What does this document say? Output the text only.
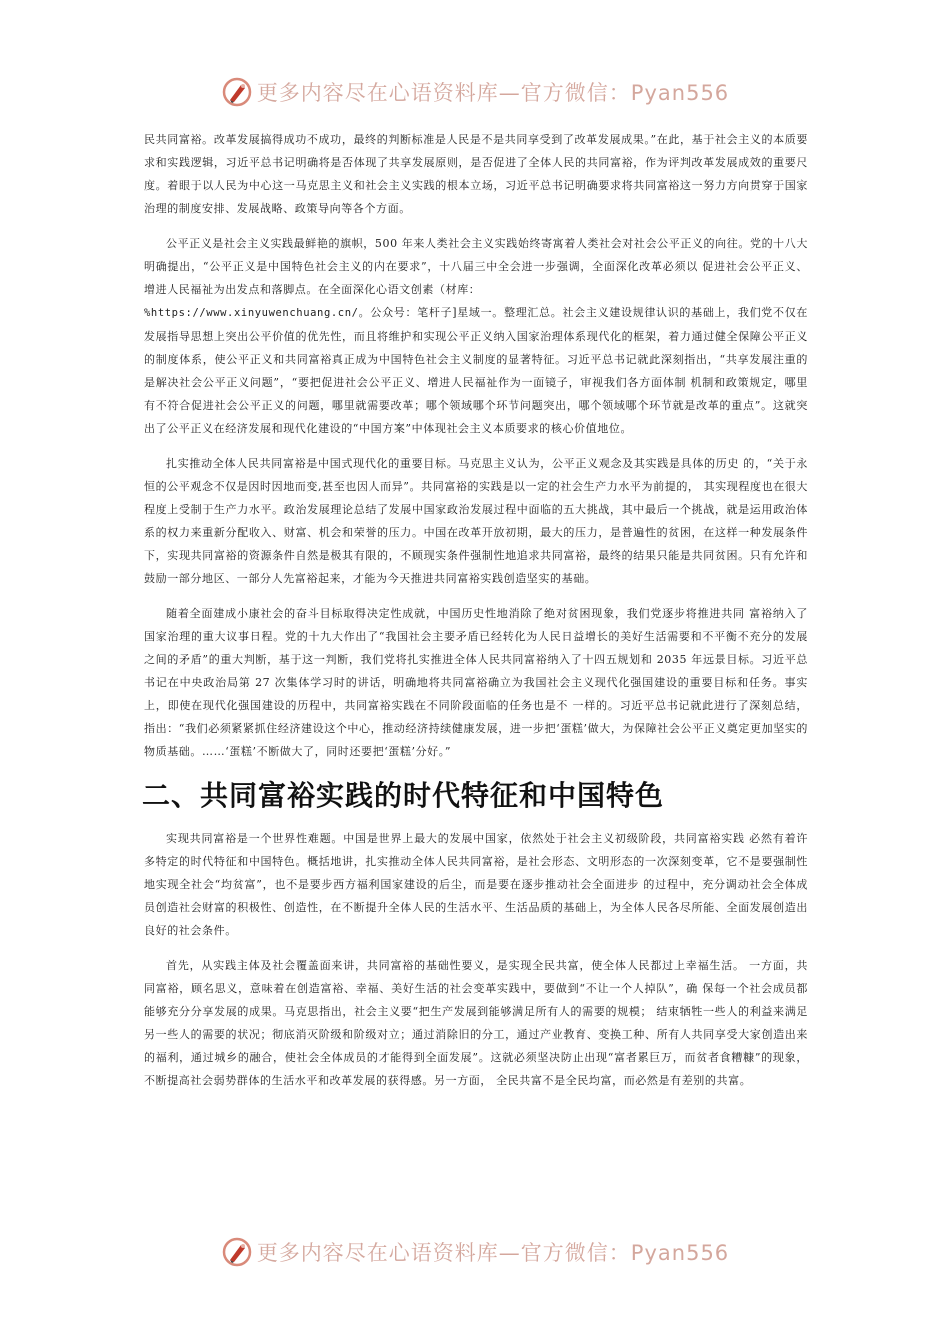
更多内容尽在心语资料库—官方微信：Pyan556

民共同富裕。改革发展搞得成功不成功，最终的判断标准是人民是不是共同享受到了改革发展成果。”在此，基于社会主义的本质要求和实践逻辑，习近平总书记明确将是否体现了共享发展原则，是否促进了全体人民的共同富裕，作为评判改革发展成效的重要尺度。着眼于以人民为中心这一马克思主义和社会主义实践的根本立场，习近平总书记明确要求将共同富裕这一努力方向贯穿于国家治理的制度安排、发展战略、政策导向等各个方面。

公平正义是社会主义实践最鲜艳的旗帜，500 年来人类社会主义实践始终寄寓着人类社会对社会公平正义的向往。党的十八大明确提出，“公平正义是中国特色社会主义的内在要求”，十八届三中全会进一步强调，全面深化改革必须以 促进社会公平正义、增进人民福祉为出发点和落脚点。在全面深化心语文创素（材库：
%https://www.xinyuwenchuang.cn/。公众号：笔杆子]星域一。整理汇总。社会主义建设规律认识的基础上，我们党不仅在发展指导思想上突出公平价值的优先性，而且将维护和实现公平正义纳入国家治理体系现代化的框架，着力通过健全保障公平正义的制度体系，使公平正义和共同富裕真正成为中国特色社会主义制度的显著特征。习近平总书记就此深刻指出，“共享发展注重的是解决社会公平正义问题”，“要把促进社会公平正义、增进人民福祉作为一面镜子，审视我们各方面体制 机制和政策规定，哪里有不符合促进社会公平正义的问题，哪里就需要改革；哪个领域哪个环节问题突出，哪个领域哪个环节就是改革的重点”。这就突出了公平正义在经济发展和现代化建设的“中国方案”中体现社会主义本质要求的核心价值地位。

扎实推动全体人民共同富裕是中国式现代化的重要目标。马克思主义认为，公平正义观念及其实践是具体的历史 的，“关于永恒的公平观念不仅是因时因地而变,甚至也因人而异”。共同富裕的实践是以一定的社会生产力水平为前提的， 其实现程度也在很大程度上受制于生产力水平。政治发展理论总结了发展中国家政治发展过程中面临的五大挑战，其中最后一个挑战，就是运用政治体系的权力来重新分配收入、财富、机会和荣誉的压力。中国在改革开放初期，最大的压力，是普遍性的贫困，在这样一种发展条件下，实现共同富裕的资源条件自然是极其有限的，不顾现实条件强制性地追求共同富裕，最终的结果只能是共同贫困。只有允许和鼓励一部分地区、一部分人先富裕起来，才能为今天推进共同富裕实践创造坚实的基础。

随着全面建成小康社会的奋斗目标取得决定性成就，中国历史性地消除了绝对贫困现象，我们党逐步将推进共同 富裕纳入了国家治理的重大议事日程。党的十九大作出了“我国社会主要矛盾已经转化为人民日益增长的美好生活需要和不平衡不充分的发展之间的矛盾”的重大判断，基于这一判断，我们党将扎实推进全体人民共同富裕纳入了十四五规划和 2035 年远景目标。习近平总书记在中央政治局第 27 次集体学习时的讲话，明确地将共同富裕确立为我国社会主义现代化强国建设的重要目标和任务。事实上，即使在现代化强国建设的历程中，共同富裕实践在不同阶段面临的任务也是不 一样的。习近平总书记就此进行了深刻总结，指出：“我们必须紧紧抓住经济建设这个中心，推动经济持续健康发展，进一步把‘蛋糕’做大，为保障社会公平正义奠定更加坚实的物质基础。……‘蛋糕’不断做大了，同时还要把‘蛋糕’分好。”

二、共同富裕实践的时代特征和中国特色

实现共同富裕是一个世界性难题。中国是世界上最大的发展中国家，依然处于社会主义初级阶段，共同富裕实践 必然有着许多特定的时代特征和中国特色。概括地讲，扎实推动全体人民共同富裕，是社会形态、文明形态的一次深刻变革，它不是要强制性地实现全社会“均贫富”，也不是要步西方福利国家建设的后尘，而是要在逐步推动社会全面进步 的过程中，充分调动社会全体成员创造社会财富的积极性、创造性，在不断提升全体人民的生活水平、生活品质的基础上，为全体人民各尽所能、全面发展创造出良好的社会条件。

首先，从实践主体及社会覆盖面来讲，共同富裕的基础性要义，是实现全民共富，使全体人民都过上幸福生活。 一方面，共同富裕，顾名思义，意味着在创造富裕、幸福、美好生活的社会变革实践中，要做到“不让一个人掉队”，确 保每一个社会成员都能够充分分享发展的成果。马克思指出，社会主义要“把生产发展到能够满足所有人的需要的规模； 结束牺牲一些人的利益来满足另一些人的需要的状况；彻底消灭阶级和阶级对立；通过消除旧的分工，通过产业教育、变换工种、所有人共同享受大家创造出来的福利，通过城乡的融合，使社会全体成员的才能得到全面发展”。这就必须坚决防止出现“富者累巨万，而贫者食糟糠”的现象，不断提高社会弱势群体的生活水平和改革发展的获得感。另一方面， 全民共富不是全民均富，而必然是有差别的共富。

更多内容尽在心语资料库—官方微信：Pyan556
